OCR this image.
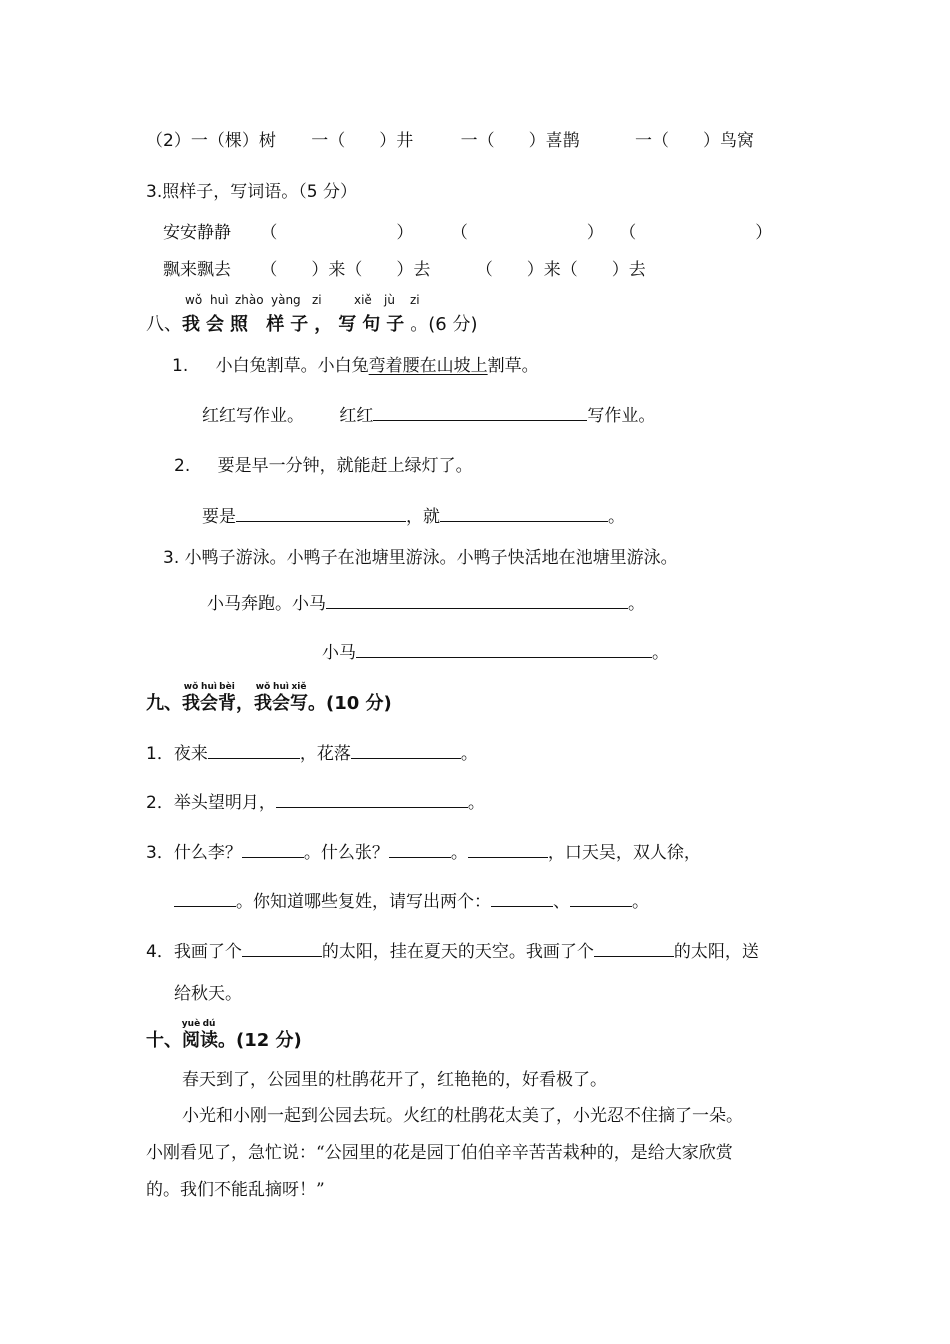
（2）一（棵）树 一（　　）井	一（　　）喜鹊	一（　　）鸟窝
3.照样子，写词语。（5 分）
安安静静 （　　　　　　　） （　　　　　　　） （　　　　　　　）
飘来飘去 （　　）来（　　）去	（　　）来（　　）去
wǒ huì zhào yàng zi	xiě jù zi
八、我会照 样子，写句子。(6 分)
1. 小白兔割草。小白兔弯着腰在山坡上割草。
红红写作业。 红红	写作业。
2. 要是早一分钟，就能赶上绿灯了。
要是	，就	。
3. 小鸭子游泳。小鸭子在池塘里游泳。小鸭子快活地在池塘里游泳。
小马奔跑。小马	。
小马	。
九、
wǒ
我
huì
会
bèi
背
，
wǒ
我
huì
会
xiě
写。(10 分)
1．夜来	，花落	。
2．举头望明月，	。
3．什么李？	。什么张？	。	，口天吴，双人徐，
。你知道哪些复姓，请写出两个：	、	。
4．我画了个	的太阳，挂在夏天的天空。我画了个	的太阳，送
给秋天。
十、
yuè
阅
dú
读。(12 分)
春天到了，公园里的杜鹃花开了，红艳艳的，好看极了。
小光和小刚一起到公园去玩。火红的杜鹃花太美了，小光忍不住摘了一朵。
小刚看见了，急忙说：“公园里的花是园丁伯伯辛辛苦苦栽种的，是给大家欣赏
的。我们不能乱摘呀！”
